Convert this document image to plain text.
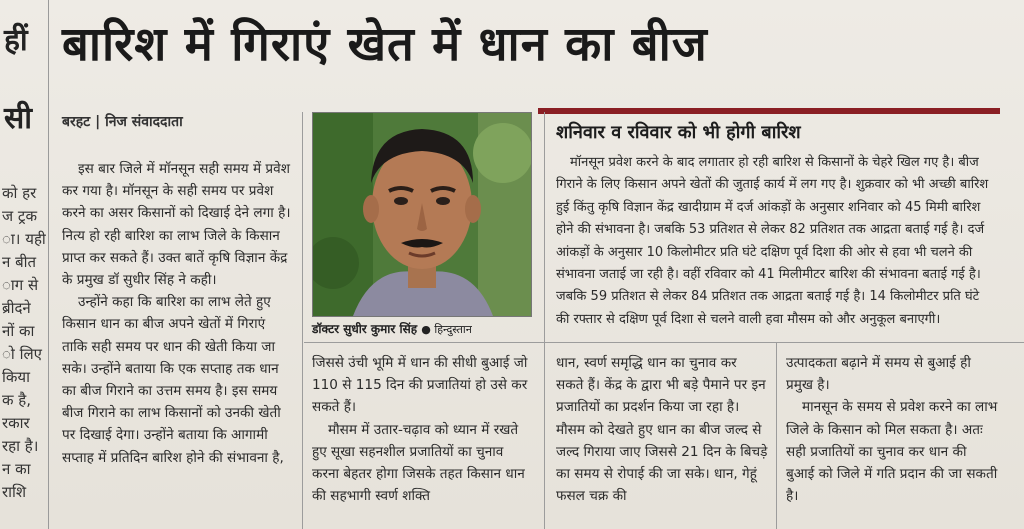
हीं
सी
को हर
ज ट्रक
ा। यही
न बीत
ाग से
ब्रीदने
नों का
ो लिए
किया
क है,
रकार
रहा है।
न का
राशि
बारिश में गिराएं खेत में धान का बीज
बरहट | निज संवाददाता

इस बार जिले में मॉनसून सही समय में प्रवेश कर गया है। मॉनसून के सही समय पर प्रवेश करने का असर किसानों को दिखाई देने लगा है। नित्य हो रही बारिश का लाभ जिले के किसान प्राप्त कर सकते हैं। उक्त बातें कृषि विज्ञान केंद्र के प्रमुख डॉ सुधीर सिंह ने कही।

उन्होंने कहा कि बारिश का लाभ लेते हुए किसान धान का बीज अपने खेतों में गिराएं ताकि सही समय पर धान की खेती किया जा सके। उन्होंने बताया कि एक सप्ताह तक धान का बीज गिराने का उत्तम समय है। इस समय बीज गिराने का लाभ किसानों को उनकी खेती पर दिखाई देगा। उन्होंने बताया कि आगामी सप्ताह में प्रतिदिन बारिश होने की संभावना है,

डॉक्टर सुधीर कुमार सिंह ● हिन्दुस्तान
शनिवार व रविवार को भी होगी बारिश

मॉनसून प्रवेश करने के बाद लगातार हो रही बारिश से किसानों के चेहरे खिल गए है। बीज गिराने के लिए किसान अपने खेतों की जुताई कार्य में लग गए है। शुक्रवार को भी अच्छी बारिश हुई किंतु कृषि विज्ञान केंद्र खादीग्राम में दर्ज आंकड़ों के अनुसार शनिवार को 45 मिमी बारिश होने की संभावना है। जबकि 53 प्रतिशत से लेकर 82 प्रतिशत तक आद्रता बताई गई है। दर्ज आंकड़ों के अनुसार 10 किलोमीटर प्रति घंटे दक्षिण पूर्व दिशा की ओर से हवा भी चलने की संभावना जताई जा रही है। वहीं रविवार को 41 मिलीमीटर बारिश की संभावना बताई गई है। जबकि 59 प्रतिशत से लेकर 84 प्रतिशत तक आद्रता बताई गई है। 14 किलोमीटर प्रति घंटे की रफ्तार से दक्षिण पूर्व दिशा से चलने वाली हवा मौसम को और अनुकूल बनाएगी।

जिससे उंची भूमि में धान की सीधी बुआई जो 110 से 115 दिन की प्रजातियां हो उसे कर सकते हैं।

मौसम में उतार-चढ़ाव को ध्यान में रखते हुए सूखा सहनशील प्रजातियों का चुनाव करना बेहतर होगा जिसके तहत किसान धान की सहभागी स्वर्ण शक्ति

धान, स्वर्ण समृद्धि धान का चुनाव कर सकते हैं। केंद्र के द्वारा भी बड़े पैमाने पर इन प्रजातियों का प्रदर्शन किया जा रहा है। मौसम को देखते हुए धान का बीज जल्द से जल्द गिराया जाए जिससे 21 दिन के बिचड़े का समय से रोपाई की जा सके। धान, गेहूं फसल चक्र की

उत्पादकता बढ़ाने में समय से बुआई ही प्रमुख है।

मानसून के समय से प्रवेश करने का लाभ जिले के किसान को मिल सकता है। अतः सही प्रजातियों का चुनाव कर धान की बुआई को जिले में गति प्रदान की जा सकती है।
